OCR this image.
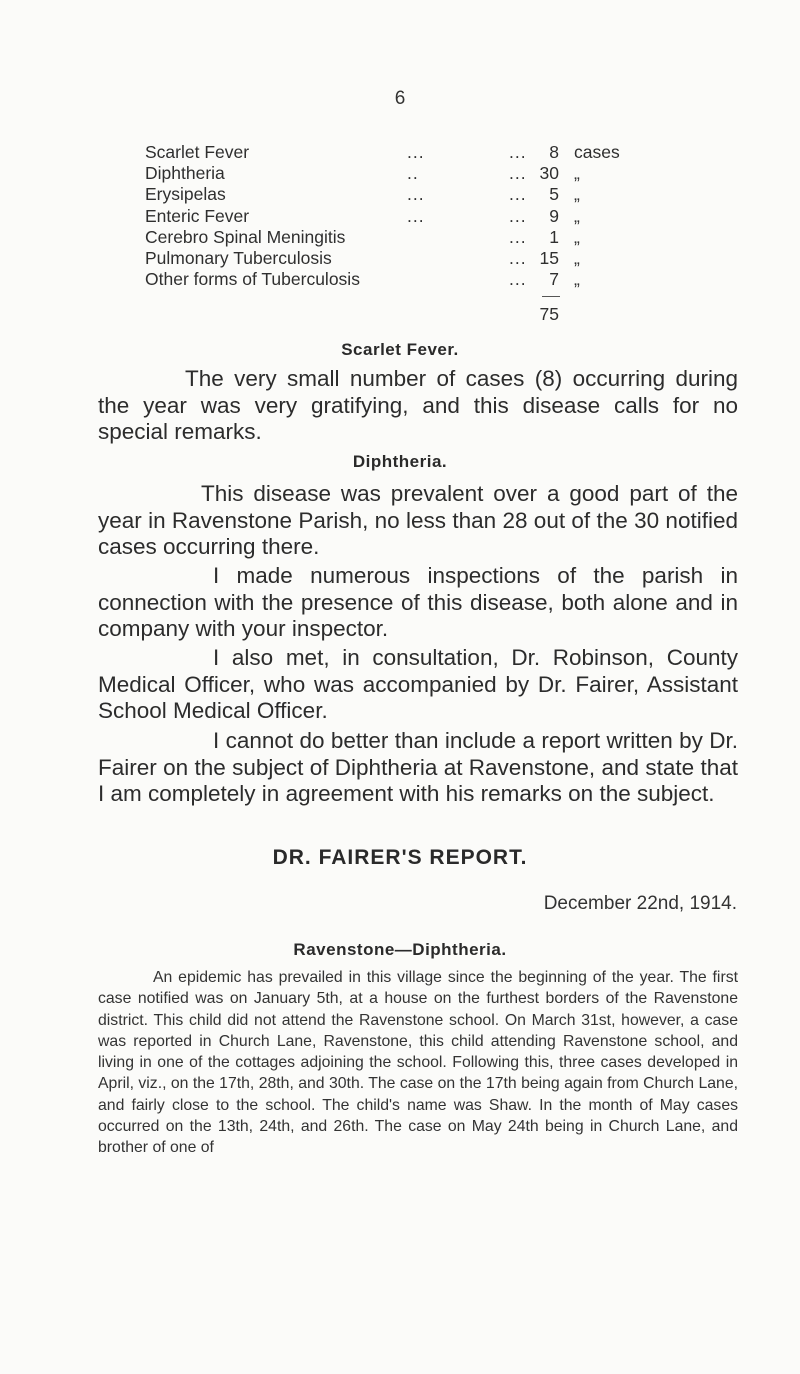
6
Scarlet Fever	...	... 8 cases
Diphtheria	..	... 30 „
Erysipelas	...	... 5 „
Enteric Fever	...	... 9 „
Cerebro Spinal Meningitis	... 1 „
Pulmonary Tuberculosis	... 15 „
Other forms of Tuberculosis	... 7 „
75
Scarlet Fever.
The very small number of cases (8) occurring during the year was very gratifying, and this disease calls for no special remarks.
Diphtheria.
This disease was prevalent over a good part of the year in Ravenstone Parish, no less than 28 out of the 30 notified cases occurring there.
I made numerous inspections of the parish in connection with the presence of this disease, both alone and in company with your inspector.
I also met, in consultation, Dr. Robinson, County Medical Officer, who was accompanied by Dr. Fairer, Assistant School Medical Officer.
I cannot do better than include a report written by Dr. Fairer on the subject of Diphtheria at Ravenstone, and state that I am completely in agreement with his remarks on the subject.
DR. FAIRER'S REPORT.
December 22nd, 1914.
Ravenstone—Diphtheria.
An epidemic has prevailed in this village since the beginning of the year. The first case notified was on January 5th, at a house on the furthest borders of the Ravenstone district. This child did not attend the Ravenstone school. On March 31st, however, a case was reported in Church Lane, Ravenstone, this child attending Ravenstone school, and living in one of the cottages adjoining the school. Following this, three cases developed in April, viz., on the 17th, 28th, and 30th. The case on the 17th being again from Church Lane, and fairly close to the school. The child's name was Shaw. In the month of May cases occurred on the 13th, 24th, and 26th. The case on May 24th being in Church Lane, and brother of one of
